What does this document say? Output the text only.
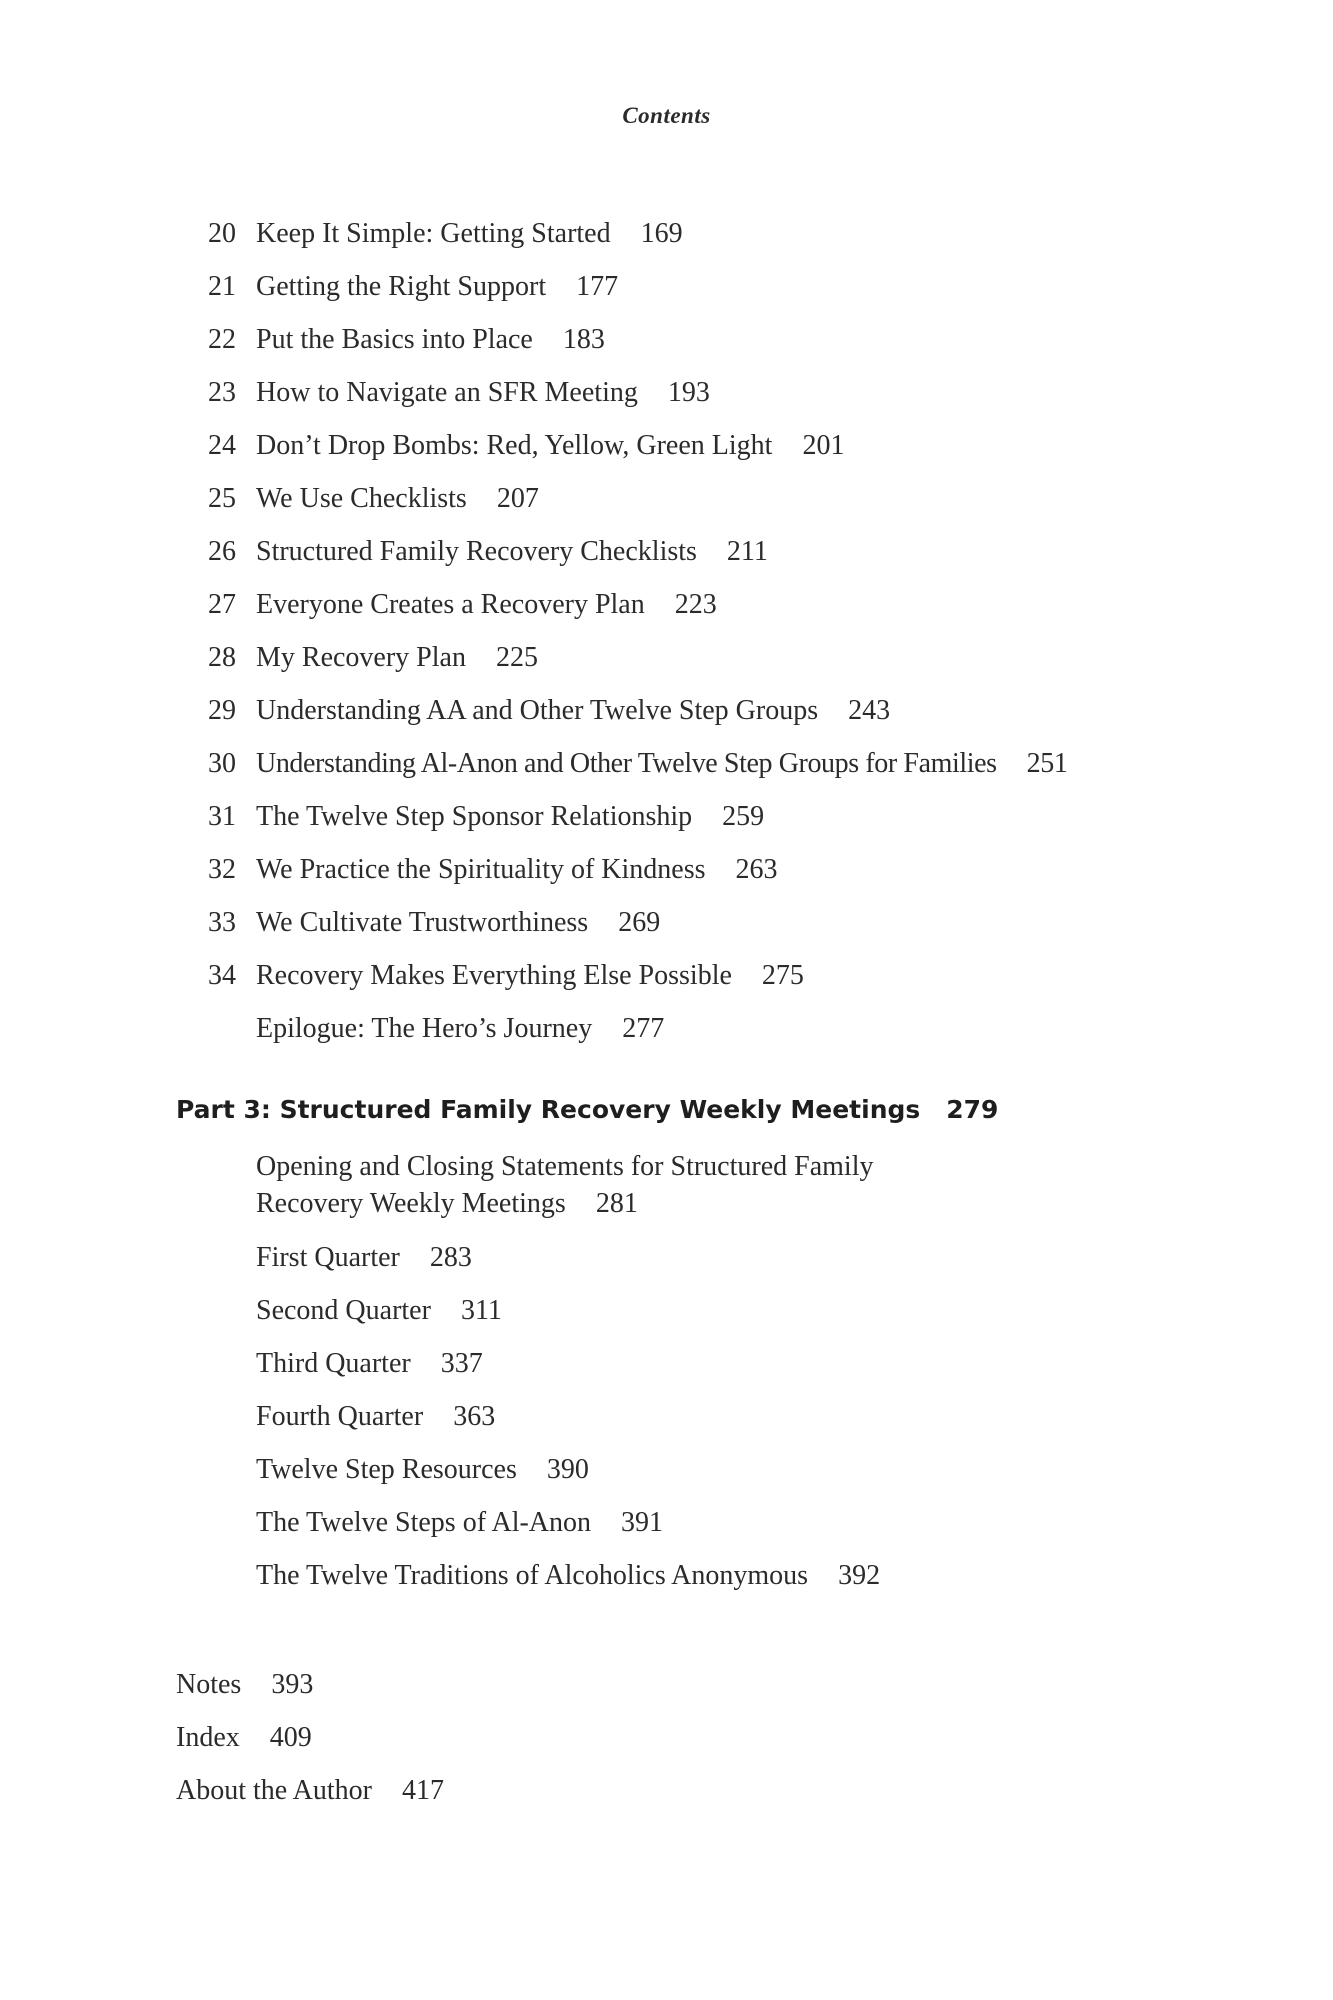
Contents
20 Keep It Simple: Getting Started 169
21 Getting the Right Support 177
22 Put the Basics into Place 183
23 How to Navigate an SFR Meeting 193
24 Don’t Drop Bombs: Red, Yellow, Green Light 201
25 We Use Checklists 207
26 Structured Family Recovery Checklists 211
27 Everyone Creates a Recovery Plan 223
28 My Recovery Plan 225
29 Understanding AA and Other Twelve Step Groups 243
30 Understanding Al-Anon and Other Twelve Step Groups for Families 251
31 The Twelve Step Sponsor Relationship 259
32 We Practice the Spirituality of Kindness 263
33 We Cultivate Trustworthiness 269
34 Recovery Makes Everything Else Possible 275
Epilogue: The Hero’s Journey 277
Part 3: Structured Family Recovery Weekly Meetings 279
Opening and Closing Statements for Structured Family
Recovery Weekly Meetings 281
First Quarter 283
Second Quarter 311
Third Quarter 337
Fourth Quarter 363
Twelve Step Resources 390
The Twelve Steps of Al-Anon 391
The Twelve Traditions of Alcoholics Anonymous 392
Notes 393
Index 409
About the Author 417
